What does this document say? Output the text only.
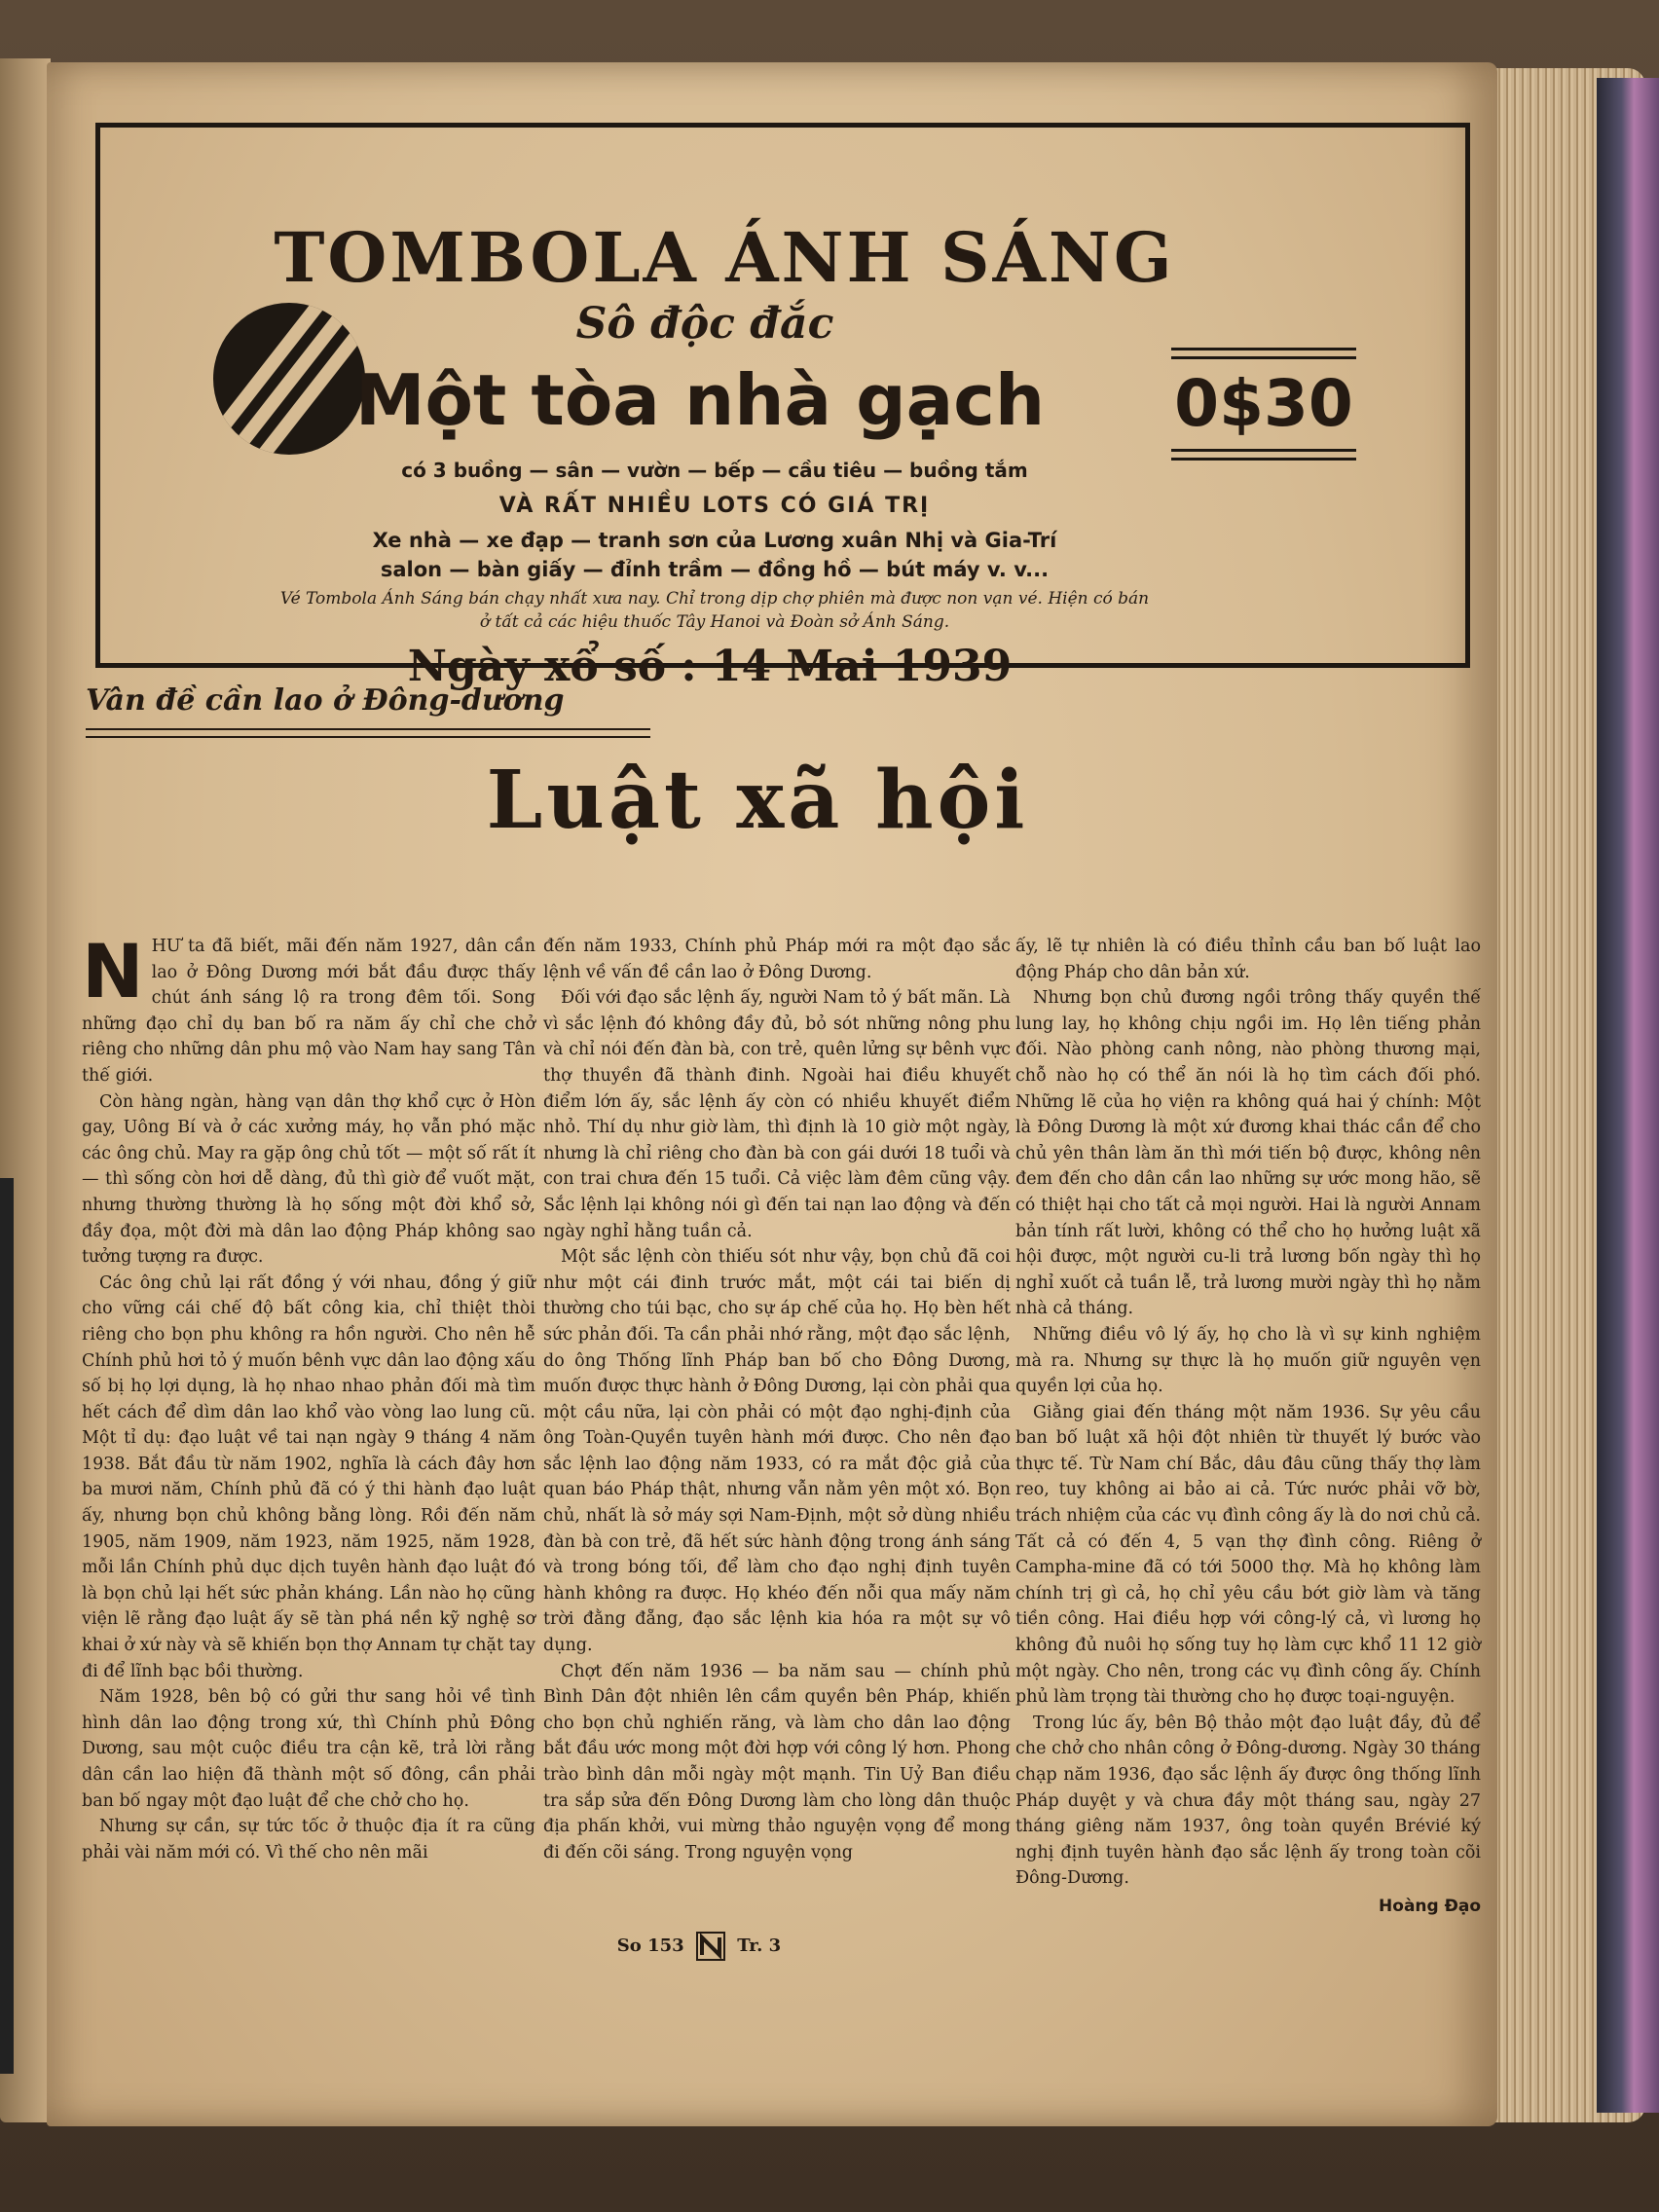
TOMBOLA ÁNH SÁNG
Sô độc đắc
Một tòa nhà gạch	0$30
có 3 buồng — sân — vườn — bếp — cầu tiêu — buồng tắm
VÀ RẤT NHIỀU LOTS CÓ GIÁ TRỊ
Xe nhà — xe đạp — tranh sơn của Lương xuân Nhị và Gia-Trí
salon — bàn giấy — đỉnh trầm — đồng hồ — bút máy v. v...
Vé Tombola Ánh Sáng bán chạy nhất xưa nay. Chỉ trong dịp chợ phiên mà được non vạn vé. Hiện có bán
ở tất cả các hiệu thuốc Tây Hanoi và Đoàn sở Ánh Sáng.
Ngày xổ số : 14 Mai 1939
Vân đề cần lao ở Đông-dương
Luật xã hội
N HƯ ta đã biết, mãi đến năm 1927, dân cần lao ở Đông Dương mới bắt đầu được thấy chút ánh sáng lộ ra trong đêm tối. Song những đạo chỉ dụ ban bố ra năm ấy chỉ che chở riêng cho những dân phu mộ vào Nam hay sang Tân thế giới.

Còn hàng ngàn, hàng vạn dân thợ khổ cực ở Hòn gay, Uông Bí và ở các xưởng máy, họ vẫn phó mặc các ông chủ. May ra gặp ông chủ tốt — một số rất ít — thì sống còn hơi dễ dàng, đủ thì giờ để vuốt mặt, nhưng thường thường là họ sống một đời khổ sở, đầy đọa, một đời mà dân lao động Pháp không sao tưởng tượng ra được.

Các ông chủ lại rất đồng ý với nhau, đồng ý giữ cho vững cái chế độ bất công kia, chỉ thiệt thòi riêng cho bọn phu không ra hồn người. Cho nên hễ Chính phủ hơi tỏ ý muốn bênh vực dân lao động xấu số bị họ lợi dụng, là họ nhao nhao phản đối mà tìm hết cách để dìm dân lao khổ vào vòng lao lung cũ. Một tỉ dụ: đạo luật về tai nạn ngày 9 tháng 4 năm 1938. Bắt đầu từ năm 1902, nghĩa là cách đây hơn ba mươi năm, Chính phủ đã có ý thi hành đạo luật ấy, nhưng bọn chủ không bằng lòng. Rồi đến năm 1905, năm 1909, năm 1923, năm 1925, năm 1928, mỗi lần Chính phủ dục dịch tuyên hành đạo luật đó là bọn chủ lại hết sức phản kháng. Lần nào họ cũng viện lẽ rằng đạo luật ấy sẽ tàn phá nền kỹ nghệ sơ khai ở xứ này và sẽ khiến bọn thợ Annam tự chặt tay đi để lĩnh bạc bồi thường.

Năm 1928, bên bộ có gửi thư sang hỏi về tình hình dân lao động trong xứ, thì Chính phủ Đông Dương, sau một cuộc điều tra cận kẽ, trả lời rằng dân cần lao hiện đã thành một số đông, cần phải ban bố ngay một đạo luật để che chở cho họ.

Nhưng sự cần, sự tức tốc ở thuộc địa ít ra cũng phải vài năm mới có. Vì thế cho nên mãi

đến năm 1933, Chính phủ Pháp mới ra một đạo sắc lệnh về vấn đề cần lao ở Đông Dương.

Đối với đạo sắc lệnh ấy, người Nam tỏ ý bất mãn. Là vì sắc lệnh đó không đầy đủ, bỏ sót những nông phu và chỉ nói đến đàn bà, con trẻ, quên lửng sự bênh vực thợ thuyền đã thành đinh. Ngoài hai điều khuyết điểm lớn ấy, sắc lệnh ấy còn có nhiều khuyết điểm nhỏ. Thí dụ như giờ làm, thì định là 10 giờ một ngày, nhưng là chỉ riêng cho đàn bà con gái dưới 18 tuổi và con trai chưa đến 15 tuổi. Cả việc làm đêm cũng vậy. Sắc lệnh lại không nói gì đến tai nạn lao động và đến ngày nghỉ hằng tuần cả.

Một sắc lệnh còn thiếu sót như vậy, bọn chủ đã coi như một cái đinh trước mắt, một cái tai biến dị thường cho túi bạc, cho sự áp chế của họ. Họ bèn hết sức phản đối. Ta cần phải nhớ rằng, một đạo sắc lệnh, do ông Thống lĩnh Pháp ban bố cho Đông Dương, muốn được thực hành ở Đông Dương, lại còn phải qua một cầu nữa, lại còn phải có một đạo nghị-định của ông Toàn-Quyền tuyên hành mới được. Cho nên đạo sắc lệnh lao động năm 1933, có ra mắt độc giả của quan báo Pháp thật, nhưng vẫn nằm yên một xó. Bọn chủ, nhất là sở máy sợi Nam-Định, một sở dùng nhiều đàn bà con trẻ, đã hết sức hành động trong ánh sáng và trong bóng tối, để làm cho đạo nghị định tuyên hành không ra được. Họ khéo đến nỗi qua mấy năm trời đằng đẵng, đạo sắc lệnh kia hóa ra một sự vô dụng.

Chợt đến năm 1936 — ba năm sau — chính phủ Bình Dân đột nhiên lên cầm quyền bên Pháp, khiến cho bọn chủ nghiến răng, và làm cho dân lao động bắt đầu ước mong một đời hợp với công lý hơn. Phong trào bình dân mỗi ngày một mạnh. Tin Uỷ Ban điều tra sắp sửa đến Đông Dương làm cho lòng dân thuộc địa phấn khởi, vui mừng thảo nguyện vọng để mong đi đến cõi sáng. Trong nguyện vọng

ấy, lẽ tự nhiên là có điều thỉnh cầu ban bố luật lao động Pháp cho dân bản xứ.

Nhưng bọn chủ đương ngồi trông thấy quyền thế lung lay, họ không chịu ngồi im. Họ lên tiếng phản đối. Nào phòng canh nông, nào phòng thương mại, chỗ nào họ có thể ăn nói là họ tìm cách đối phó. Những lẽ của họ viện ra không quá hai ý chính: Một là Đông Dương là một xứ đương khai thác cần để cho chủ yên thân làm ăn thì mới tiến bộ được, không nên đem đến cho dân cần lao những sự ước mong hão, sẽ có thiệt hại cho tất cả mọi người. Hai là người Annam bản tính rất lười, không có thể cho họ hưởng luật xã hội được, một người cu-li trả lương bốn ngày thì họ nghỉ xuốt cả tuần lễ, trả lương mười ngày thì họ nằm nhà cả tháng.

Những điều vô lý ấy, họ cho là vì sự kinh nghiệm mà ra. Nhưng sự thực là họ muốn giữ nguyên vẹn quyền lợi của họ.

Giằng giai đến tháng một năm 1936. Sự yêu cầu ban bố luật xã hội đột nhiên từ thuyết lý bước vào thực tế. Từ Nam chí Bắc, dâu đâu cũng thấy thợ làm reo, tuy không ai bảo ai cả. Tức nước phải vỡ bờ, trách nhiệm của các vụ đình công ấy là do nơi chủ cả. Tất cả có đến 4, 5 vạn thợ đình công. Riêng ở Campha-mine đã có tới 5000 thợ. Mà họ không làm chính trị gì cả, họ chỉ yêu cầu bớt giờ làm và tăng tiền công. Hai điều hợp với công-lý cả, vì lương họ không đủ nuôi họ sống tuy họ làm cực khổ 11 12 giờ một ngày. Cho nên, trong các vụ đình công ấy. Chính phủ làm trọng tài thường cho họ được toại-nguyện.

Trong lúc ấy, bên Bộ thảo một đạo luật đầy, đủ để che chở cho nhân công ở Đông-dương. Ngày 30 tháng chạp năm 1936, đạo sắc lệnh ấy được ông thống lĩnh Pháp duyệt y và chưa đầy một tháng sau, ngày 27 tháng giêng năm 1937, ông toàn quyền Brévié ký nghị định tuyên hành đạo sắc lệnh ấy trong toàn cõi Đông-Dương.

Hoàng Đạo
So 153	Tr. 3
